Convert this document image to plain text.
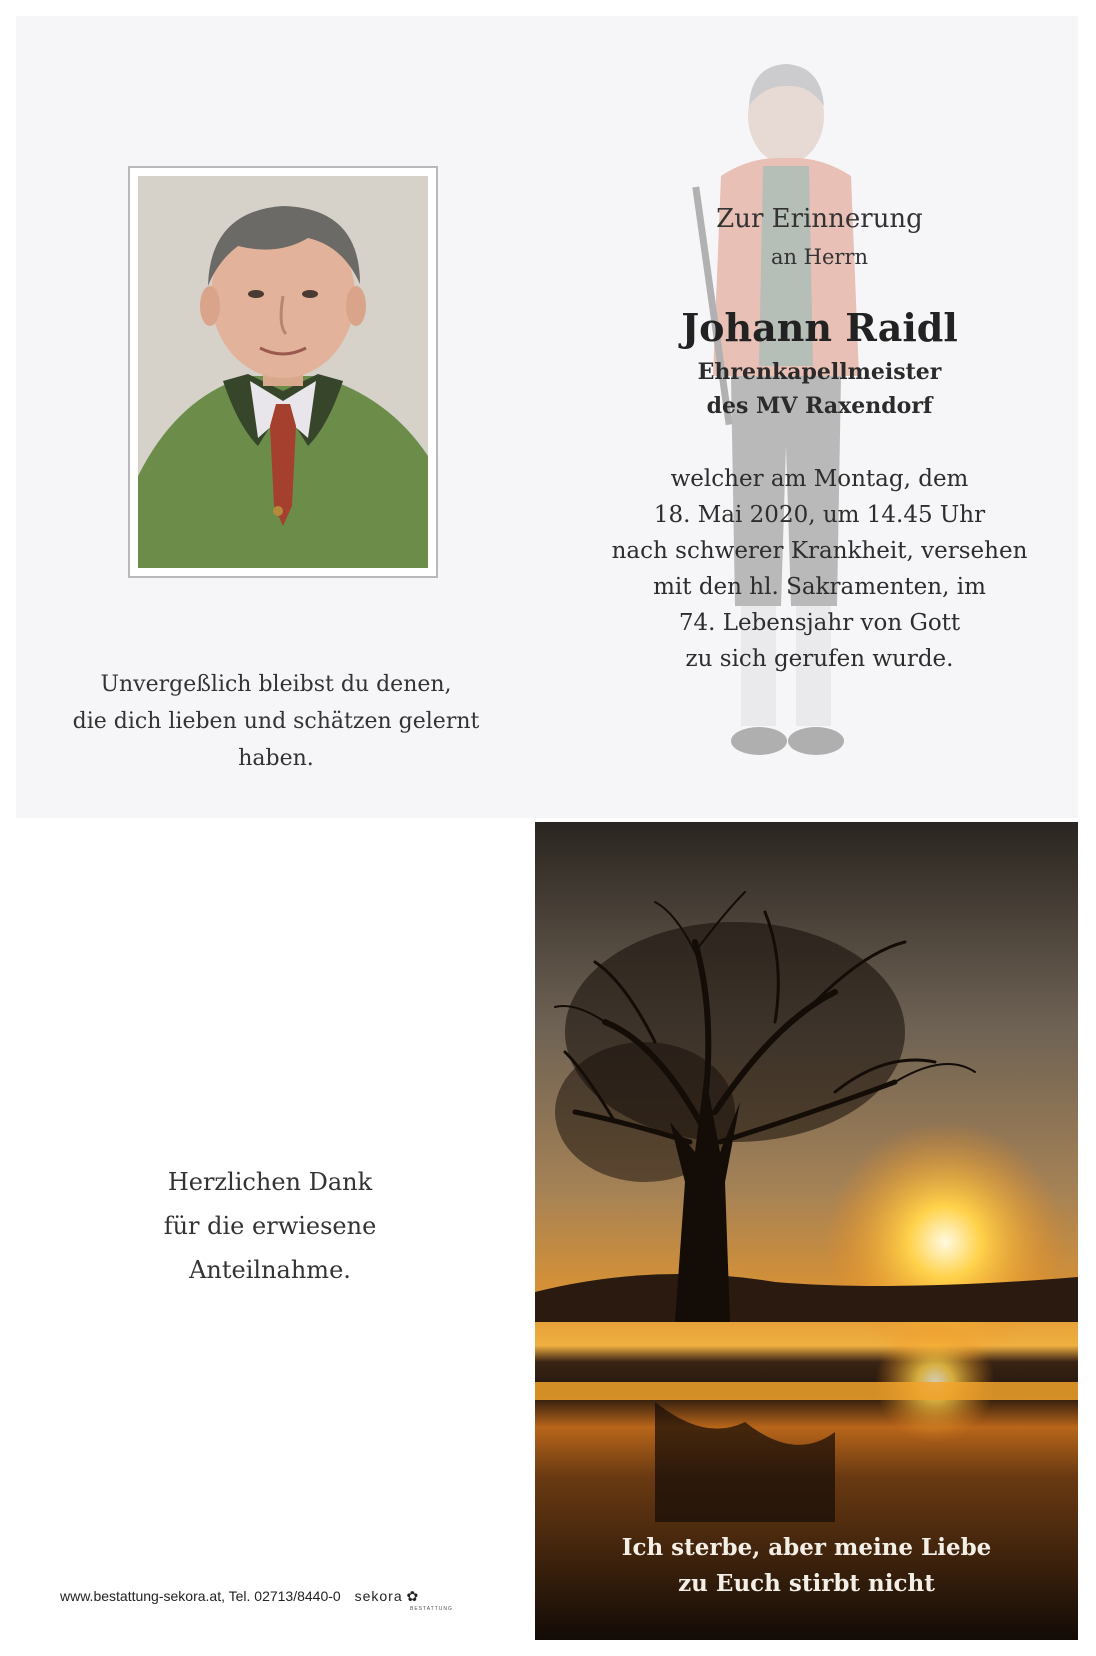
Unvergeßlich bleibst du denen,
die dich lieben und schätzen gelernt haben.
Zur Erinnerung
an Herrn
Johann Raidl
Ehrenkapellmeister
des MV Raxendorf
welcher am Montag, dem
18. Mai 2020, um 14.45 Uhr
nach schwerer Krankheit, versehen
mit den hl. Sakramenten, im
74. Lebensjahr von Gott
zu sich gerufen wurde.
Herzlichen Dank
für die erwiesene
Anteilnahme.
www.bestattung-sekora.at, Tel. 02713/8440-0 sekora ✿
BESTATTUNG
Ich sterbe, aber meine Liebe
zu Euch stirbt nicht
